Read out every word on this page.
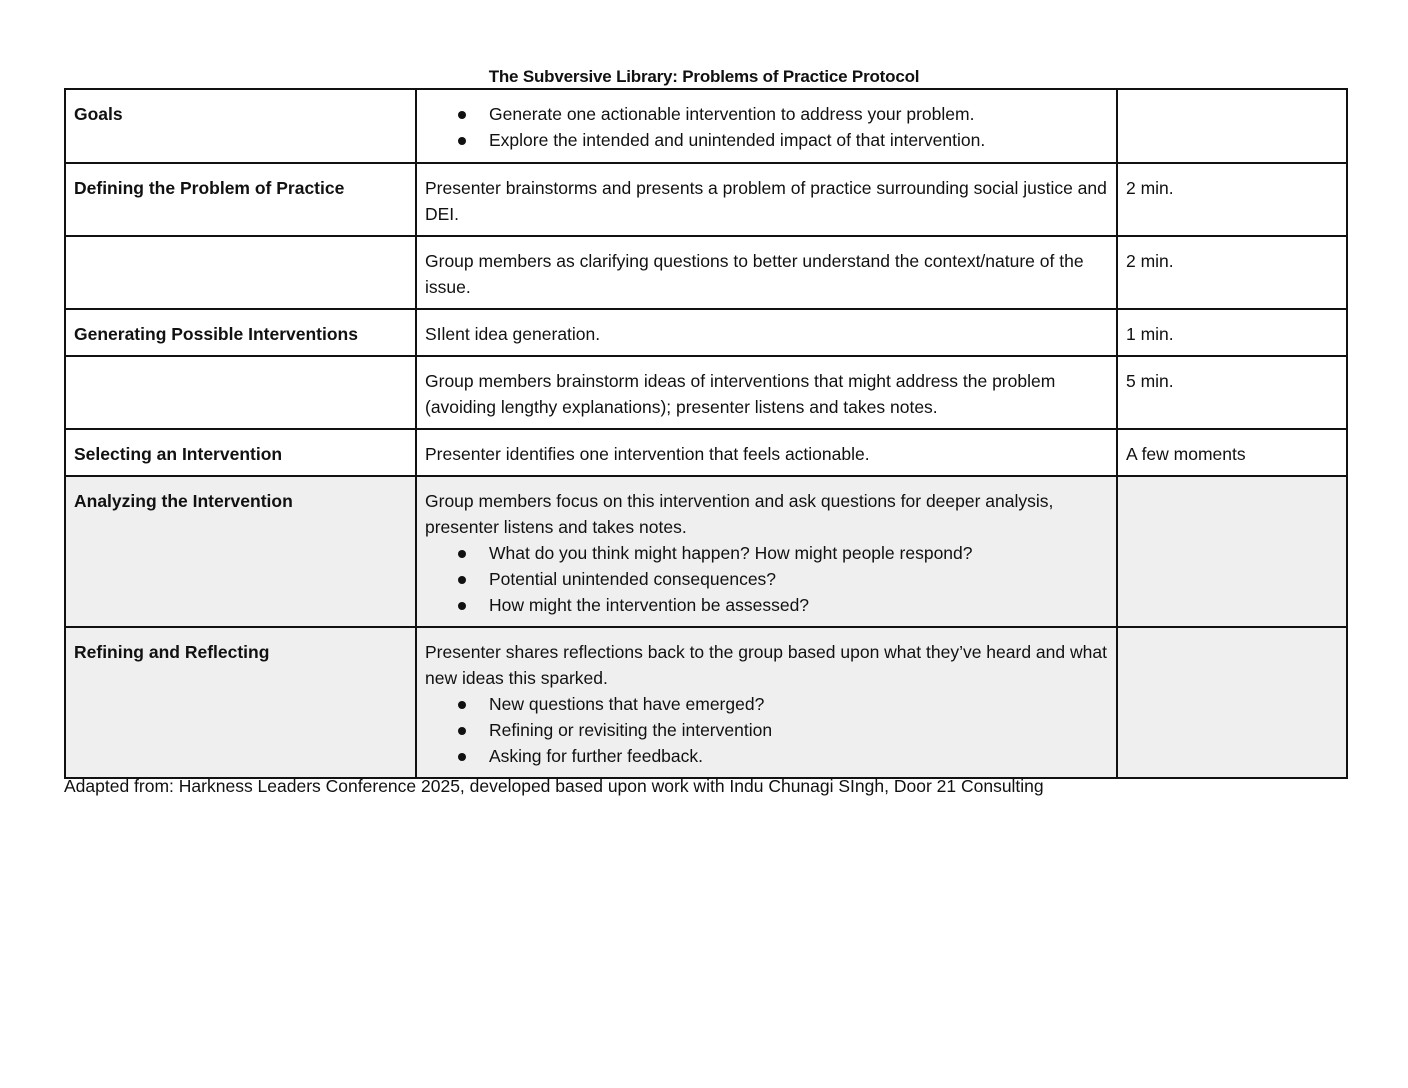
The Subversive Library: Problems of Practice Protocol
Goals	Generate one actionable intervention to address your problem.
Explore the intended and unintended impact of that intervention.

Defining the Problem of Practice	Presenter brainstorms and presents a problem of practice surrounding social justice and DEI.	2 min.
	Group members as clarifying questions to better understand the context/nature of the issue.	2 min.
Generating Possible Interventions	SIlent idea generation.	1 min.
	Group members brainstorm ideas of interventions that might address the problem (avoiding lengthy explanations); presenter listens and takes notes.	5 min.
Selecting an Intervention	Presenter identifies one intervention that feels actionable.	A few moments
Analyzing the Intervention	Group members focus on this intervention and ask questions for deeper analysis, presenter listens and takes notes.
What do you think might happen? How might people respond?
Potential unintended consequences?
How might the intervention be assessed?

Refining and Reflecting	Presenter shares reflections back to the group based upon what they’ve heard and what new ideas this sparked.
New questions that have emerged?
Refining or revisiting the intervention
Asking for further feedback.

Adapted from: Harkness Leaders Conference 2025, developed based upon work with Indu Chunagi SIngh, Door 21 Consulting
